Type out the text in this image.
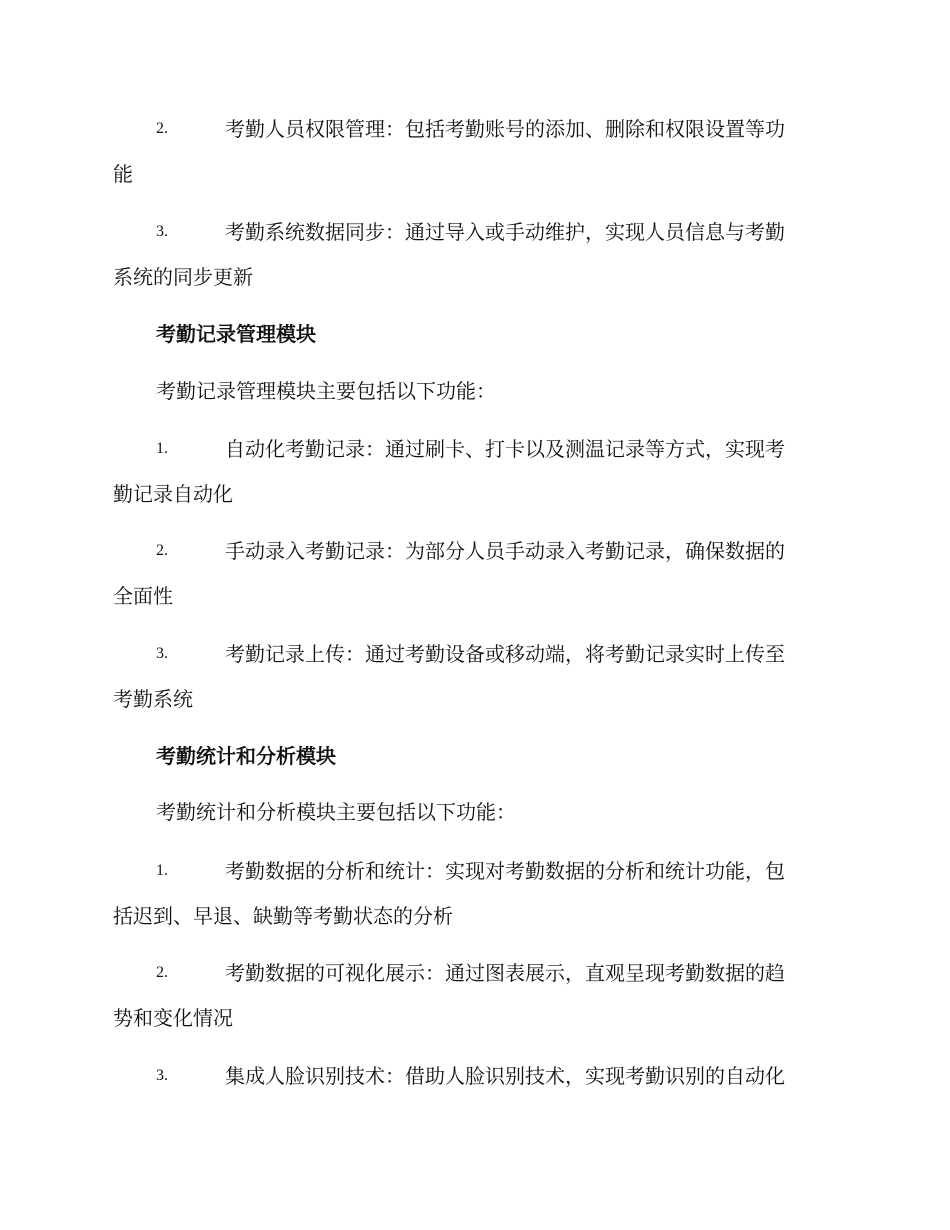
2.	考勤人员权限管理：包括考勤账号的添加、删除和权限设置等功
能
3.	考勤系统数据同步：通过导入或手动维护，实现人员信息与考勤
系统的同步更新
考勤记录管理模块
考勤记录管理模块主要包括以下功能：
1.	自动化考勤记录：通过刷卡、打卡以及测温记录等方式，实现考
勤记录自动化
2.	手动录入考勤记录：为部分人员手动录入考勤记录，确保数据的
全面性
3.	考勤记录上传：通过考勤设备或移动端，将考勤记录实时上传至
考勤系统
考勤统计和分析模块
考勤统计和分析模块主要包括以下功能：
1.	考勤数据的分析和统计：实现对考勤数据的分析和统计功能，包
括迟到、早退、缺勤等考勤状态的分析
2.	考勤数据的可视化展示：通过图表展示，直观呈现考勤数据的趋
势和变化情况
3.	集成人脸识别技术：借助人脸识别技术，实现考勤识别的自动化
